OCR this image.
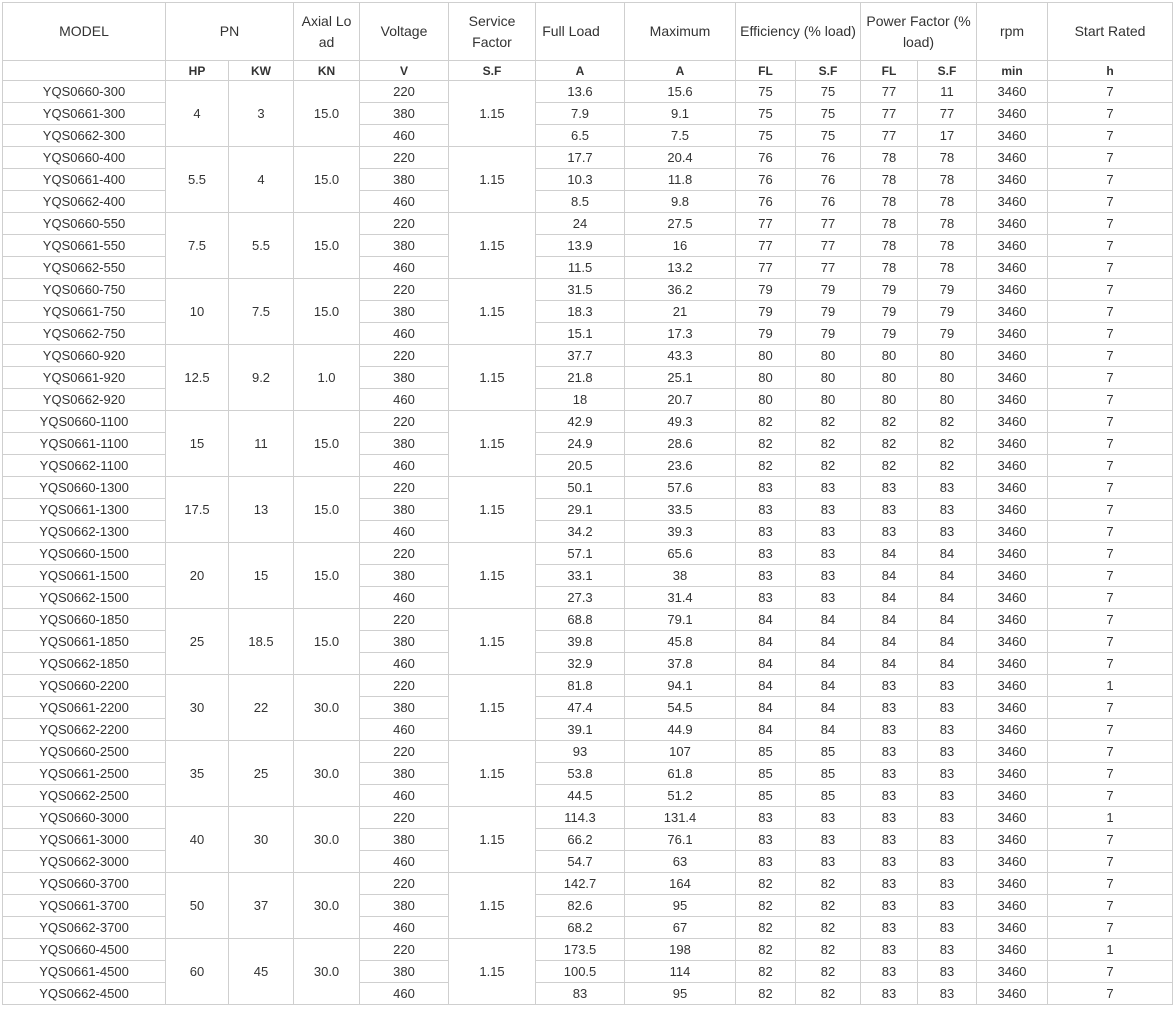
MODEL	PN		Axial Lo ad	Voltage	Service Factor	Full Load	Maximum	Efficiency (% load)		Power Factor (%   load)		rpm	Start Rated
	HP	KW	KN	V	S.F	A	A	FL	S.F	FL	S.F	min	h
YQS0660-300	4	3	15.0	220	1.15	13.6	15.6	75	75	77	11	3460	7
YQS0661-300				380		7.9	9.1	75	75	77	77	3460	7
YQS0662-300				460		6.5	7.5	75	75	77	17	3460	7
YQS0660-400	5.5	4	15.0	220	1.15	17.7	20.4	76	76	78	78	3460	7
YQS0661-400				380		10.3	11.8	76	76	78	78	3460	7
YQS0662-400				460		8.5	9.8	76	76	78	78	3460	7
YQS0660-550	7.5	5.5	15.0	220	1.15	24	27.5	77	77	78	78	3460	7
YQS0661-550				380		13.9	16	77	77	78	78	3460	7
YQS0662-550				460		11.5	13.2	77	77	78	78	3460	7
YQS0660-750	10	7.5	15.0	220	1.15	31.5	36.2	79	79	79	79	3460	7
YQS0661-750				380		18.3	21	79	79	79	79	3460	7
YQS0662-750				460		15.1	17.3	79	79	79	79	3460	7
YQS0660-920	12.5	9.2	1.0	220	1.15	37.7	43.3	80	80	80	80	3460	7
YQS0661-920				380		21.8	25.1	80	80	80	80	3460	7
YQS0662-920				460		18	20.7	80	80	80	80	3460	7
YQS0660-1100	15	11	15.0	220	1.15	42.9	49.3	82	82	82	82	3460	7
YQS0661-1100				380		24.9	28.6	82	82	82	82	3460	7
YQS0662-1100				460		20.5	23.6	82	82	82	82	3460	7
YQS0660-1300	17.5	13	15.0	220	1.15	50.1	57.6	83	83	83	83	3460	7
YQS0661-1300				380		29.1	33.5	83	83	83	83	3460	7
YQS0662-1300				460		34.2	39.3	83	83	83	83	3460	7
YQS0660-1500	20	15	15.0	220	1.15	57.1	65.6	83	83	84	84	3460	7
YQS0661-1500				380		33.1	38	83	83	84	84	3460	7
YQS0662-1500				460		27.3	31.4	83	83	84	84	3460	7
YQS0660-1850	25	18.5	15.0	220	1.15	68.8	79.1	84	84	84	84	3460	7
YQS0661-1850				380		39.8	45.8	84	84	84	84	3460	7
YQS0662-1850				460		32.9	37.8	84	84	84	84	3460	7
YQS0660-2200	30	22	30.0	220	1.15	81.8	94.1	84	84	83	83	3460	1
YQS0661-2200				380		47.4	54.5	84	84	83	83	3460	7
YQS0662-2200				460		39.1	44.9	84	84	83	83	3460	7
YQS0660-2500	35	25	30.0	220	1.15	93	107	85	85	83	83	3460	7
YQS0661-2500				380		53.8	61.8	85	85	83	83	3460	7
YQS0662-2500				460		44.5	51.2	85	85	83	83	3460	7
YQS0660-3000	40	30	30.0	220	1.15	114.3	131.4	83	83	83	83	3460	1
YQS0661-3000				380		66.2	76.1	83	83	83	83	3460	7
YQS0662-3000				460		54.7	63	83	83	83	83	3460	7
YQS0660-3700	50	37	30.0	220	1.15	142.7	164	82	82	83	83	3460	7
YQS0661-3700				380		82.6	95	82	82	83	83	3460	7
YQS0662-3700				460		68.2	67	82	82	83	83	3460	7
YQS0660-4500	60	45	30.0	220	1.15	173.5	198	82	82	83	83	3460	1
YQS0661-4500				380		100.5	114	82	82	83	83	3460	7
YQS0662-4500				460		83	95	82	82	83	83	3460	7
